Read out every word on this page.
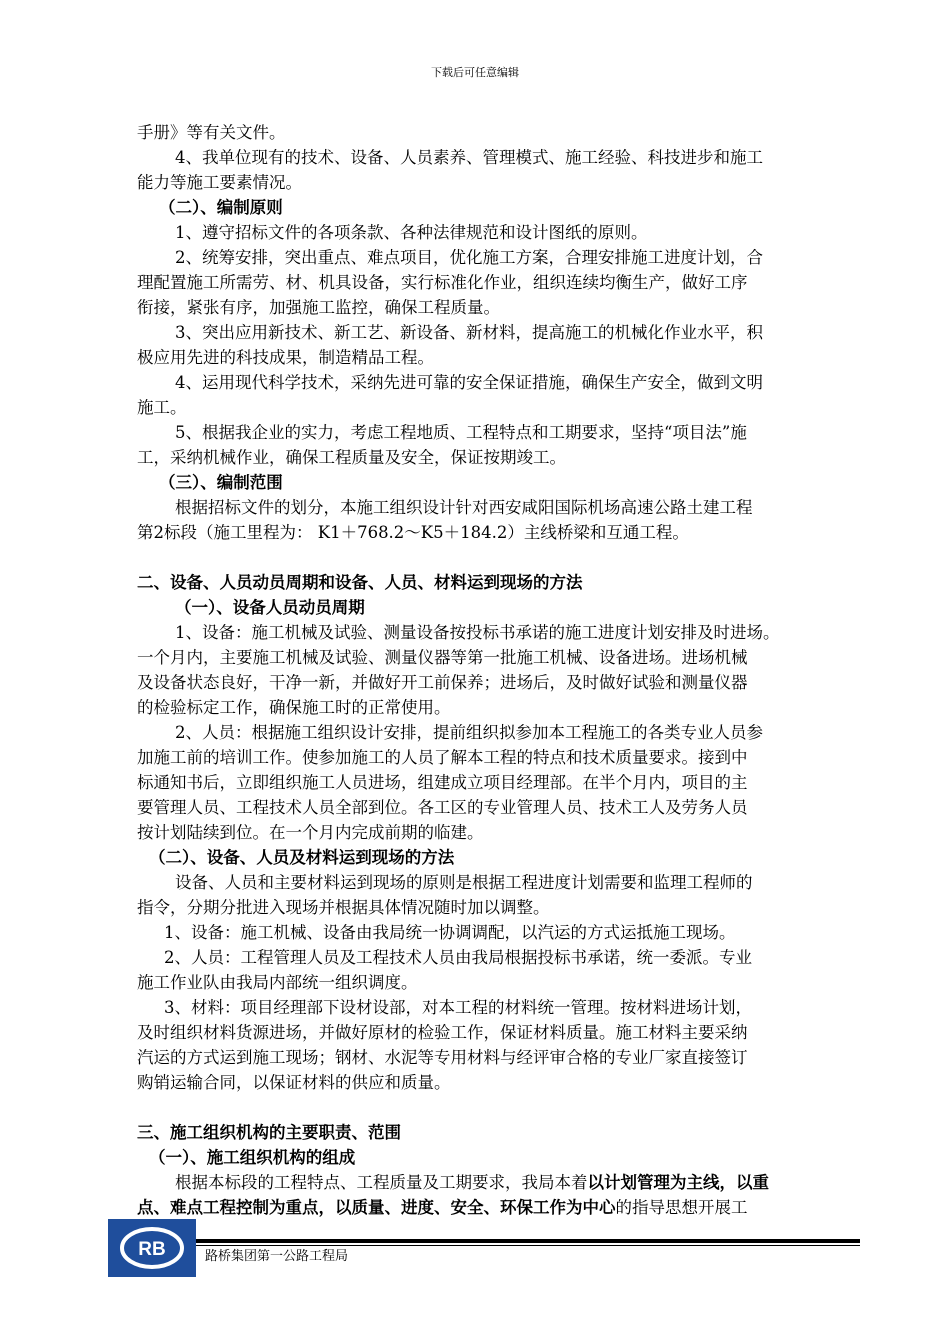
下载后可任意编辑
手册》等有关文件。
4、我单位现有的技术、设备、人员素养、管理模式、施工经验、科技进步和施工
能力等施工要素情况。
（二）、编制原则
1、遵守招标文件的各项条款、各种法律规范和设计图纸的原则。
2、统筹安排，突出重点、难点项目，优化施工方案，合理安排施工进度计划，合
理配置施工所需劳、材、机具设备，实行标准化作业，组织连续均衡生产，做好工序
衔接，紧张有序，加强施工监控，确保工程质量。
3、突出应用新技术、新工艺、新设备、新材料，提高施工的机械化作业水平，积
极应用先进的科技成果，制造精品工程。
4、运用现代科学技术，采纳先进可靠的安全保证措施，确保生产安全，做到文明
施工。
5、根据我企业的实力，考虑工程地质、工程特点和工期要求，坚持“项目法”施
工，采纳机械作业，确保工程质量及安全，保证按期竣工。
（三）、编制范围
根据招标文件的划分，本施工组织设计针对西安咸阳国际机场高速公路土建工程
第2标段（施工里程为： K1＋768.2～K5＋184.2）主线桥梁和互通工程。
二、设备、人员动员周期和设备、人员、材料运到现场的方法
（一）、设备人员动员周期
1、设备：施工机械及试验、测量设备按投标书承诺的施工进度计划安排及时进场。
一个月内，主要施工机械及试验、测量仪器等第一批施工机械、设备进场。进场机械
及设备状态良好，干净一新，并做好开工前保养；进场后，及时做好试验和测量仪器
的检验标定工作，确保施工时的正常使用。
2、人员：根据施工组织设计安排，提前组织拟参加本工程施工的各类专业人员参
加施工前的培训工作。使参加施工的人员了解本工程的特点和技术质量要求。接到中
标通知书后，立即组织施工人员进场，组建成立项目经理部。在半个月内，项目的主
要管理人员、工程技术人员全部到位。各工区的专业管理人员、技术工人及劳务人员
按计划陆续到位。在一个月内完成前期的临建。
（二）、设备、人员及材料运到现场的方法
设备、人员和主要材料运到现场的原则是根据工程进度计划需要和监理工程师的
指令，分期分批进入现场并根据具体情况随时加以调整。
1、设备：施工机械、设备由我局统一协调调配，以汽运的方式运抵施工现场。
2、人员：工程管理人员及工程技术人员由我局根据投标书承诺，统一委派。专业
施工作业队由我局内部统一组织调度。
3、材料：项目经理部下设材设部，对本工程的材料统一管理。按材料进场计划，
及时组织材料货源进场，并做好原材的检验工作，保证材料质量。施工材料主要采纳
汽运的方式运到施工现场；钢材、水泥等专用材料与经评审合格的专业厂家直接签订
购销运输合同，以保证材料的供应和质量。
三、施工组织机构的主要职责、范围
（一）、施工组织机构的组成
根据本标段的工程特点、工程质量及工期要求，我局本着以计划管理为主线，以重
点、难点工程控制为重点，以质量、进度、安全、环保工作为中心的指导思想开展工
RB	路桥集团第一公路工程局
